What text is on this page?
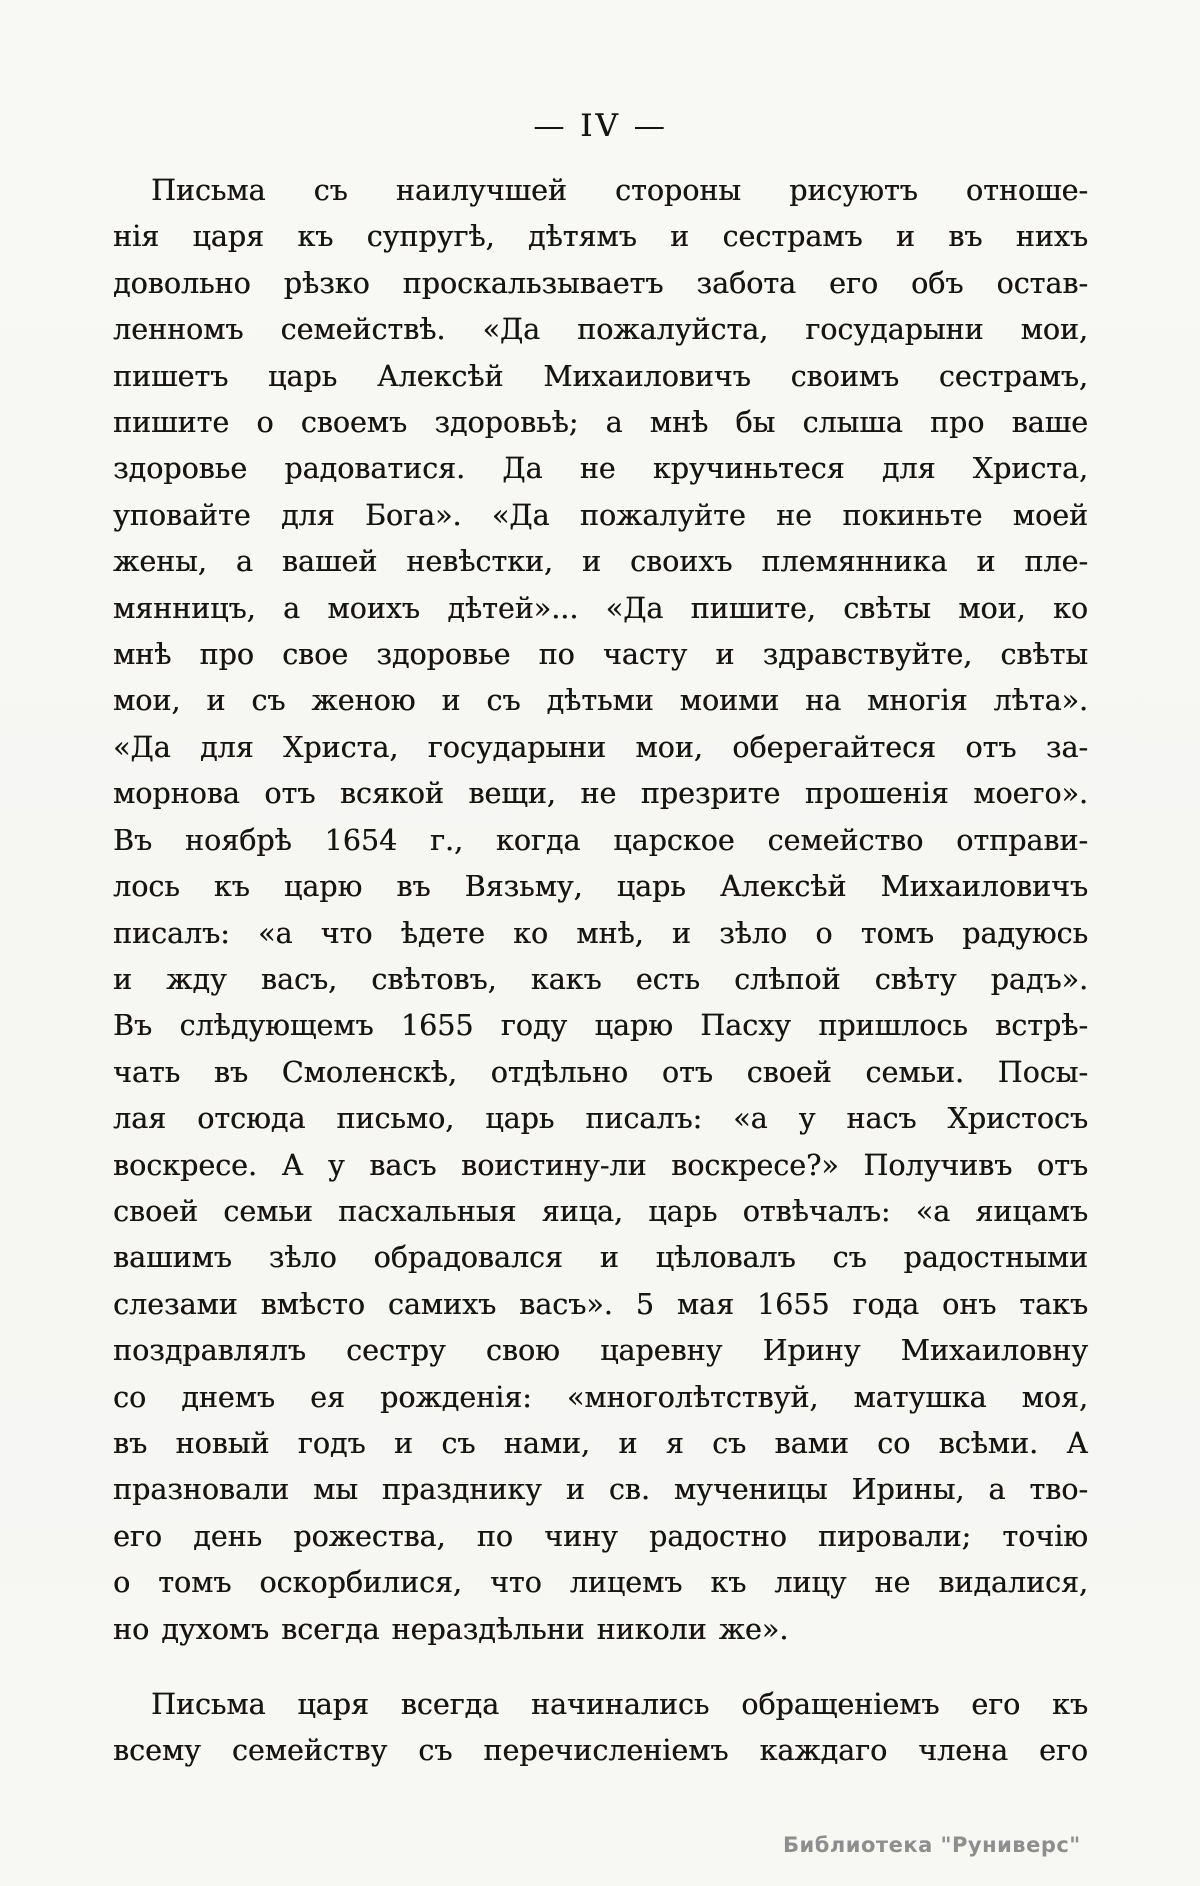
— IV —
Письма съ наилучшей стороны рисуютъ отноше-
нія царя къ супругѣ, дѣтямъ и сестрамъ и въ нихъ
довольно рѣзко проскальзываетъ забота его объ остав-
ленномъ семействѣ. «Да пожалуйста, государыни мои,
пишетъ царь Алексѣй Михаиловичъ своимъ сестрамъ,
пишите о своемъ здоровьѣ; а мнѣ бы слыша про ваше
здоровье радоватися. Да не кручиньтеся для Христа,
уповайте для Бога». «Да пожалуйте не покиньте моей
жены, а вашей невѣстки, и своихъ племянника и пле-
мянницъ, а моихъ дѣтей»... «Да пишите, свѣты мои, ко
мнѣ про свое здоровье по часту и здравствуйте, свѣты
мои, и съ женою и съ дѣтьми моими на многія лѣта».
«Да для Христа, государыни мои, оберегайтеся отъ за-
морнова отъ всякой вещи, не презрите прошенія моего».
Въ ноябрѣ 1654 г., когда царское семейство отправи-
лось къ царю въ Вязьму, царь Алексѣй Михаиловичъ
писалъ: «а что ѣдете ко мнѣ, и зѣло о томъ радуюсь
и жду васъ, свѣтовъ, какъ есть слѣпой свѣту радъ».
Въ слѣдующемъ 1655 году царю Пасху пришлось встрѣ-
чать въ Смоленскѣ, отдѣльно отъ своей семьи. Посы-
лая отсюда письмо, царь писалъ: «а у насъ Христосъ
воскресе. А у васъ воистину-ли воскресе?» Получивъ отъ
своей семьи пасхальныя яица, царь отвѣчалъ: «а яицамъ
вашимъ зѣло обрадовался и цѣловалъ съ радостными
слезами вмѣсто самихъ васъ». 5 мая 1655 года онъ такъ
поздравлялъ сестру свою царевну Ирину Михаиловну
со днемъ ея рожденія: «многолѣтствуй, матушка моя,
въ новый годъ и съ нами, и я съ вами со всѣми. А
празновали мы празднику и св. мученицы Ирины, а тво-
его день рожества, по чину радостно пировали; точію
о томъ оскорбилися, что лицемъ къ лицу не видалися,
но духомъ всегда нераздѣльни николи же».
Письма царя всегда начинались обращеніемъ его къ
всему семейству съ перечисленіемъ каждаго члена его
Библиотека "Руниверс"
